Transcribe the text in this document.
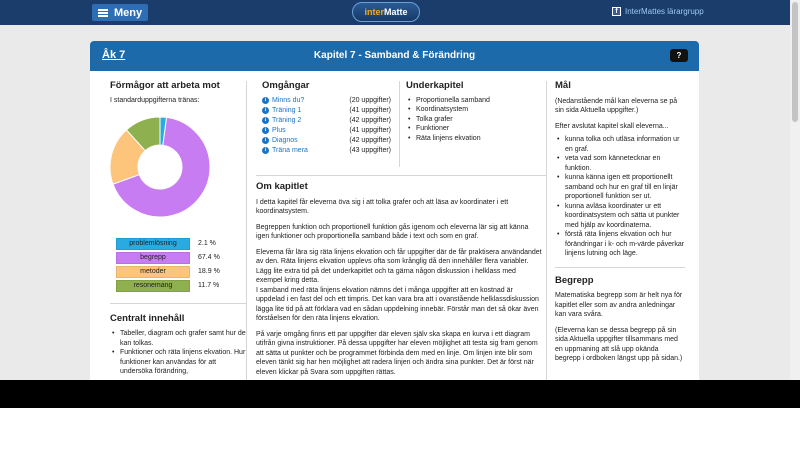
Meny	inter Matte	f InterMattes lärargrupp
Åk 7	Kapitel 7 - Samband & Förändring	?
Förmågor att arbeta mot
I standarduppgifterna tränas:
problemlösning	2.1 %
begrepp	67.4 %
metoder	18.9 %
resonemang	11.7 %
Centralt innehåll
• Tabeller, diagram och grafer samt hur de kan tolkas.
• Funktioner och räta linjens ekvation. Hur funktioner kan användas för att undersöka förändring,
Omgångar
i Minns du?	(20 uppgifter)
i Träning 1	(41 uppgifter)
i Träning 2	(42 uppgifter)
i Plus	(41 uppgifter)
i Diagnos	(42 uppgifter)
i Träna mera	(43 uppgifter)
Underkapitel
• Proportionella samband
• Koordinatsystem
• Tolka grafer
• Funktioner
• Räta linjens ekvation
Om kapitlet

I detta kapitel får eleverna öva sig i att tolka grafer och att läsa av koordinater i ett koordinatsystem.

Begreppen funktion och proportionell funktion gås igenom och eleverna lär sig att känna igen funktioner och proportionella samband både i text och som en graf.

Eleverna får lära sig räta linjens ekvation och får uppgifter där de får praktisera användandet av den. Räta linjens ekvation upplevs ofta som krånglig då den innehåller flera variabler. Lägg lite extra tid på det underkapitlet och ta gärna någon diskussion i helklass med exempel kring detta.

I samband med räta linjens ekvation nämns det i många uppgifter att en kostnad är uppdelad i en fast del och ett timpris. Det kan vara bra att i ovanstående helklassdiskussion lägga lite tid på att förklara vad en sådan uppdelning innebär. Förstår man det så ökar även förståelsen för den räta linjens ekvation.

På varje omgång finns ett par uppgifter där eleven själv ska skapa en kurva i ett diagram utifrån givna instruktioner. På dessa uppgifter har eleven möjlighet att testa sig fram genom att sätta ut punkter och be programmet förbinda dem med en linje. Om linjen inte blir som eleven tänkt sig har hen möjlighet att radera linjen och ändra sina punkter. Det är först när eleven klickar på Svara som uppgiften rättas.

Mål

(Nedanstående mål kan eleverna se på sin sida Aktuella uppgifter.)

Efter avslutat kapitel skall eleverna...

• kunna tolka och utläsa information ur en graf.
• veta vad som kännetecknar en funktion.
• kunna känna igen ett proportionellt samband och hur en graf till en linjär proportionell funktion ser ut.
• kunna avläsa koordinater ur ett koordinatsystem och sätta ut punkter med hjälp av koordinaterna.
• förstå räta linjens ekvation och hur förändringar i k- och m-värde påverkar linjens lutning och läge.
Begrepp

Matematiska begrepp som är helt nya för kapitlet eller som av andra anledningar kan vara svåra.

(Eleverna kan se dessa begrepp på sin sida Aktuella uppgifter tillsammans med en uppmaning att slå upp okända begrepp i ordboken längst upp på sidan.)
